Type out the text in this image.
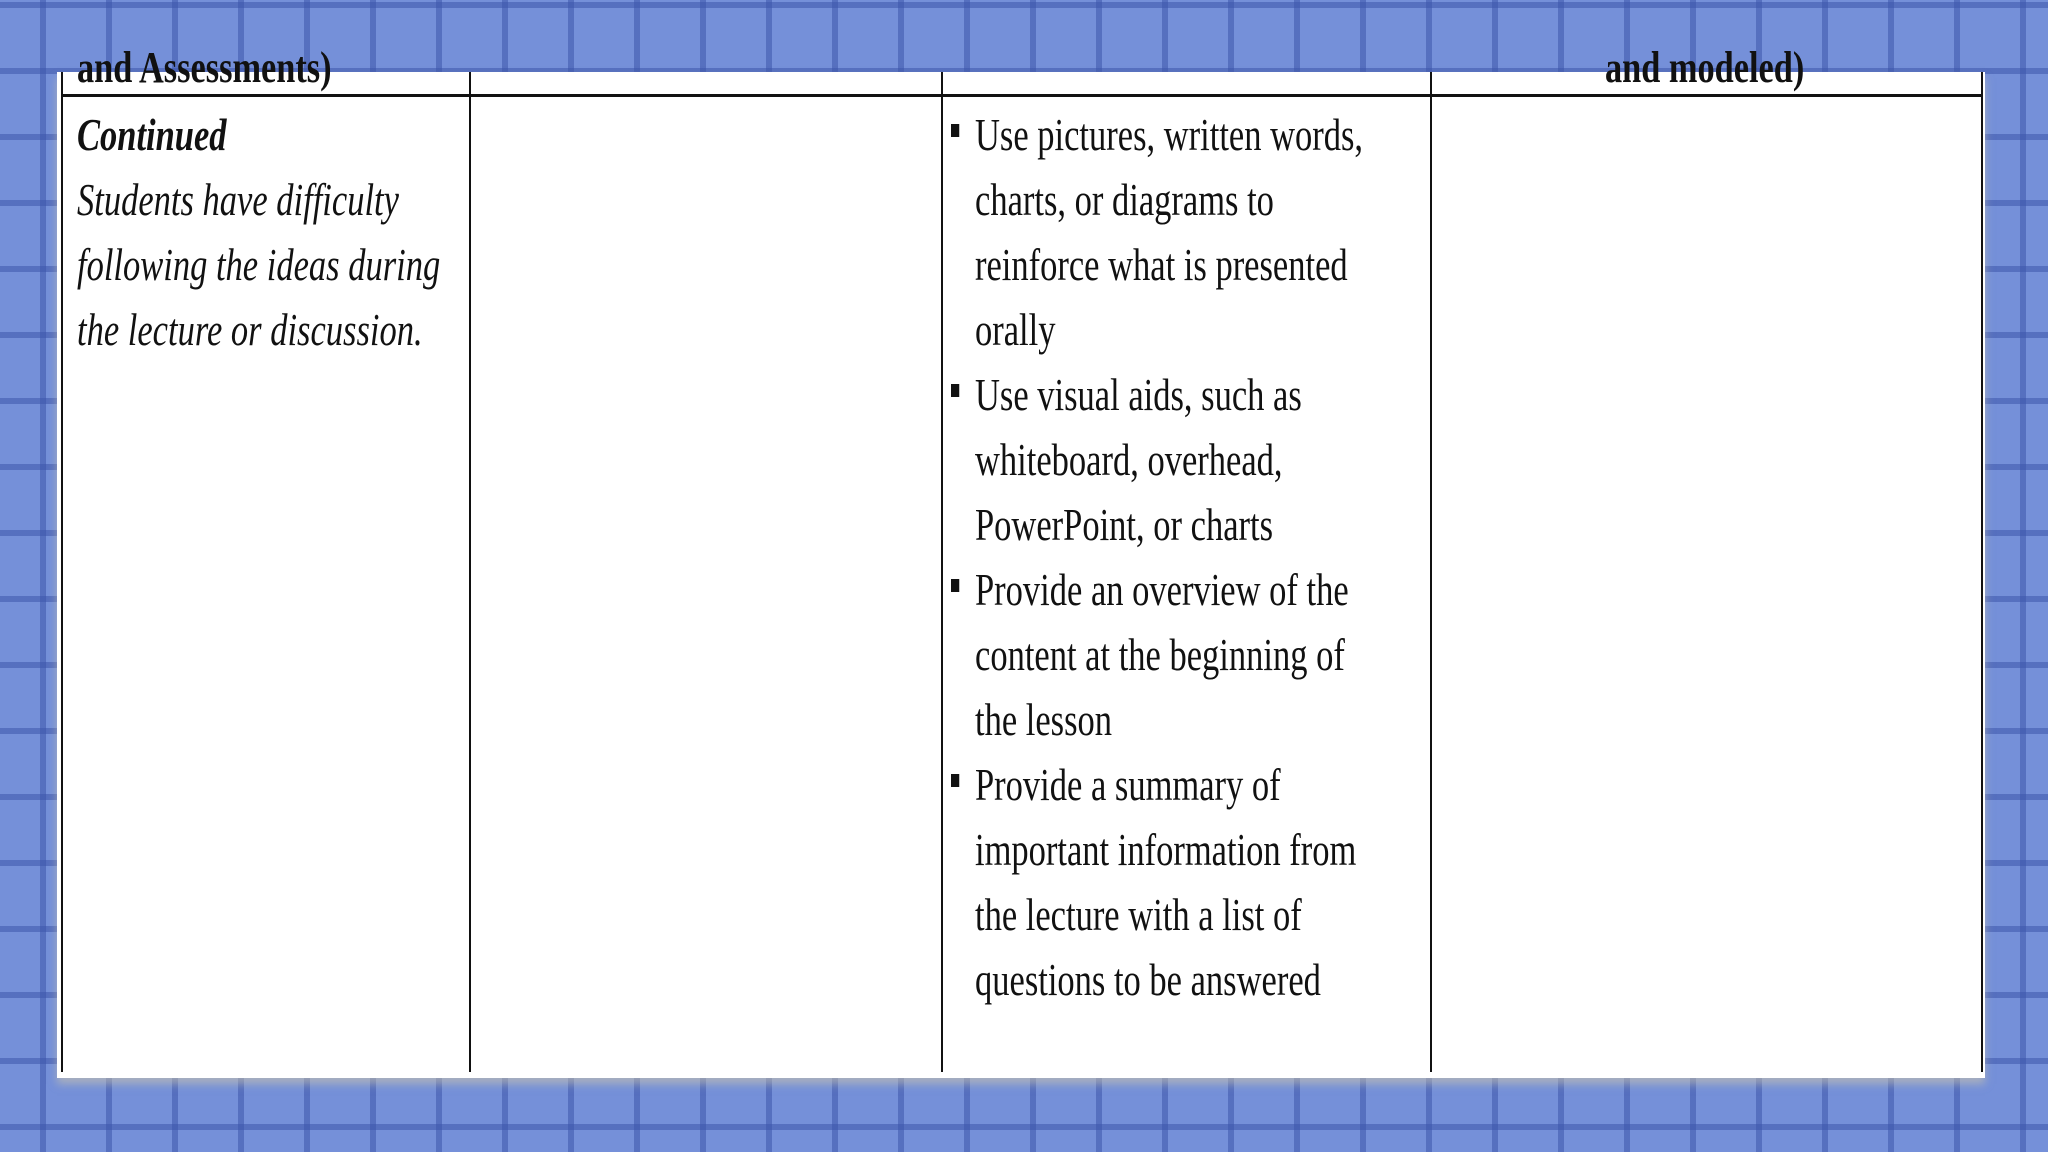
and Assessments)	and modeled)
Continued
Students have difficulty following the ideas during the lecture or discussion.
Use pictures, written words, charts, or diagrams to reinforce what is presented orally
Use visual aids, such as whiteboard, overhead, PowerPoint, or charts
Provide an overview of the content at the beginning of the lesson
Provide a summary of important information from the lecture with a list of questions to be answered
